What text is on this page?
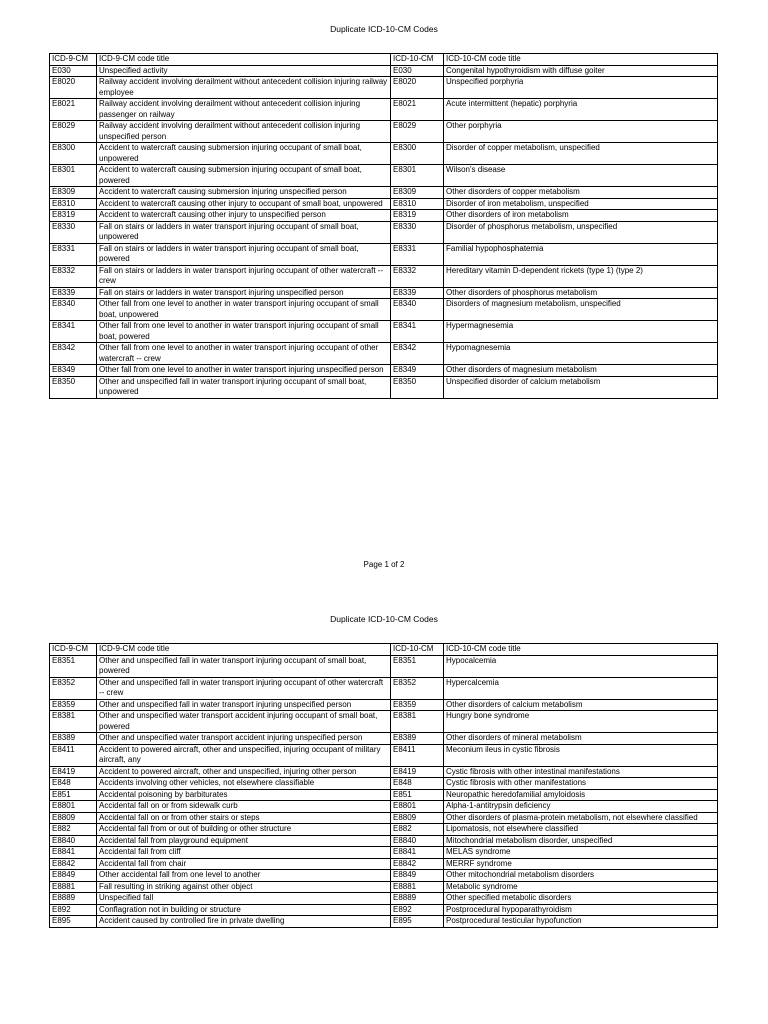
Duplicate ICD-10-CM Codes
ICD-9-CM	ICD-9-CM code title	ICD-10-CM	ICD-10-CM code title
E030	Unspecified activity	E030	Congenital hypothyroidism with diffuse goiter
E8020	Railway accident involving derailment without antecedent collision injuring railway employee	E8020	Unspecified porphyria
E8021	Railway accident involving derailment without antecedent collision injuring passenger on railway	E8021	Acute intermittent (hepatic) porphyria
E8029	Railway accident involving derailment without antecedent collision injuring unspecified person	E8029	Other porphyria
E8300	Accident to watercraft causing submersion injuring occupant of small boat, unpowered	E8300	Disorder of copper metabolism, unspecified
E8301	Accident to watercraft causing submersion injuring occupant of small boat, powered	E8301	Wilson's disease
E8309	Accident to watercraft causing submersion injuring unspecified person	E8309	Other disorders of copper metabolism
E8310	Accident to watercraft causing other injury to occupant of small boat, unpowered	E8310	Disorder of iron metabolism, unspecified
E8319	Accident to watercraft causing other injury to unspecified person	E8319	Other disorders of iron metabolism
E8330	Fall on stairs or ladders in water transport injuring occupant of small boat, unpowered	E8330	Disorder of phosphorus metabolism, unspecified
E8331	Fall on stairs or ladders in water transport injuring occupant of small boat, powered	E8331	Familial hypophosphatemia
E8332	Fall on stairs or ladders in water transport injuring occupant of other watercraft -- crew	E8332	Hereditary vitamin D-dependent rickets (type 1) (type 2)
E8339	Fall on stairs or ladders in water transport injuring unspecified person	E8339	Other disorders of phosphorus metabolism
E8340	Other fall from one level to another in water transport injuring occupant of small boat, unpowered	E8340	Disorders of magnesium metabolism, unspecified
E8341	Other fall from one level to another in water transport injuring occupant of small boat, powered	E8341	Hypermagnesemia
E8342	Other fall from one level to another in water transport injuring occupant of other watercraft -- crew	E8342	Hypomagnesemia
E8349	Other fall from one level to another in water transport injuring unspecified person	E8349	Other disorders of magnesium metabolism
E8350	Other and unspecified fall in water transport injuring occupant of small boat, unpowered	E8350	Unspecified disorder of calcium metabolism
Page 1 of 2
Duplicate ICD-10-CM Codes
ICD-9-CM	ICD-9-CM code title	ICD-10-CM	ICD-10-CM code title
E8351	Other and unspecified fall in water transport injuring occupant of small boat, powered	E8351	Hypocalcemia
E8352	Other and unspecified fall in water transport injuring occupant of other watercraft -- crew	E8352	Hypercalcemia
E8359	Other and unspecified fall in water transport injuring unspecified person	E8359	Other disorders of calcium metabolism
E8381	Other and unspecified water transport accident injuring occupant of small boat, powered	E8381	Hungry bone syndrome
E8389	Other and unspecified water transport accident injuring unspecified person	E8389	Other disorders of mineral metabolism
E8411	Accident to powered aircraft, other and unspecified, injuring occupant of military aircraft, any	E8411	Meconium ileus in cystic fibrosis
E8419	Accident to powered aircraft, other and unspecified, injuring other person	E8419	Cystic fibrosis with other intestinal manifestations
E848	Accidents involving other vehicles, not elsewhere classifiable	E848	Cystic fibrosis with other manifestations
E851	Accidental poisoning by barbiturates	E851	Neuropathic heredofamilial amyloidosis
E8801	Accidental fall on or from sidewalk curb	E8801	Alpha-1-antitrypsin deficiency
E8809	Accidental fall on or from other stairs or steps	E8809	Other disorders of plasma-protein metabolism, not elsewhere classified
E882	Accidental fall from or out of building or other structure	E882	Lipomatosis, not elsewhere classified
E8840	Accidental fall from playground equipment	E8840	Mitochondrial metabolism disorder, unspecified
E8841	Accidental fall from cliff	E8841	MELAS syndrome
E8842	Accidental fall from chair	E8842	MERRF syndrome
E8849	Other accidental fall from one level to another	E8849	Other mitochondrial metabolism disorders
E8881	Fall resulting in striking against other object	E8881	Metabolic syndrome
E8889	Unspecified fall	E8889	Other specified metabolic disorders
E892	Conflagration not in building or structure	E892	Postprocedural hypoparathyroidism
E895	Accident caused by controlled fire in private dwelling	E895	Postprocedural testicular hypofunction
